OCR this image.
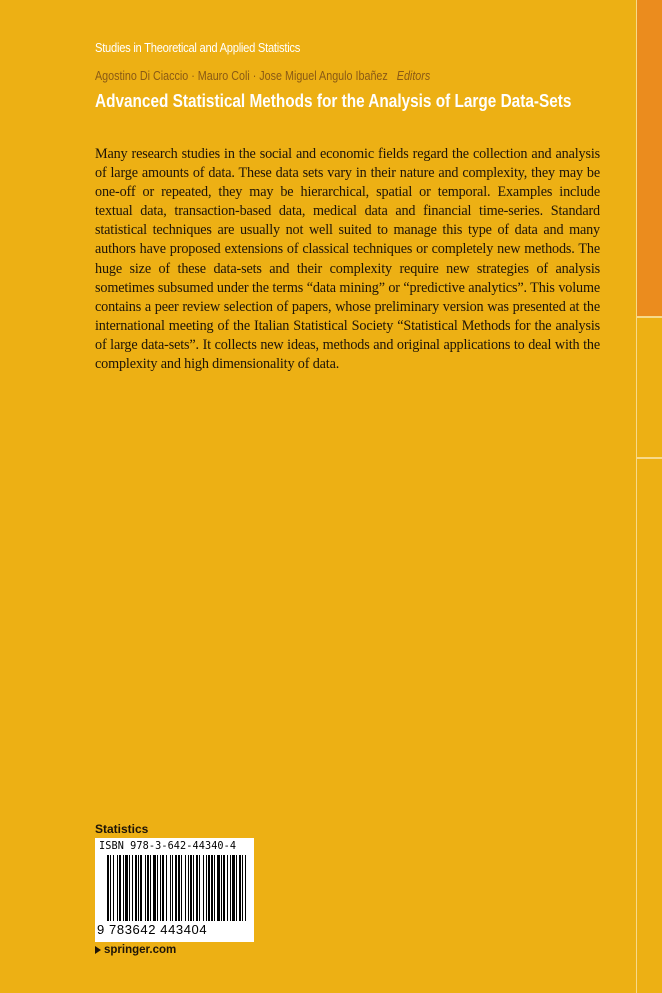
Studies in Theoretical and Applied Statistics
Agostino Di Ciaccio · Mauro Coli · Jose Miguel Angulo Ibañez Editors
Advanced Statistical Methods for the Analysis of Large Data-Sets
Many research studies in the social and economic fields regard the collection and analysis of large amounts of data. These data sets vary in their nature and complexity, they may be one-off or repeated, they may be hierarchical, spatial or temporal. Examples include textual data, transaction-based data, medical data and financial time-series. Standard statistical techniques are usually not well suited to manage this type of data and many authors have proposed extensions of classical techniques or completely new methods. The huge size of these data-sets and their complexity require new strategies of analysis sometimes subsumed under the terms “data mining” or “predictive analytics”. This volume contains a peer review selection of papers, whose preliminary version was presented at the international meeting of the Italian Statistical Society “Statistical Methods for the analysis of large data-sets”. It collects new ideas, methods and original applications to deal with the complexity and high dimensionality of data.
Statistics
ISBN 978-3-642-44340-4
9 783642 443404
springer.com
